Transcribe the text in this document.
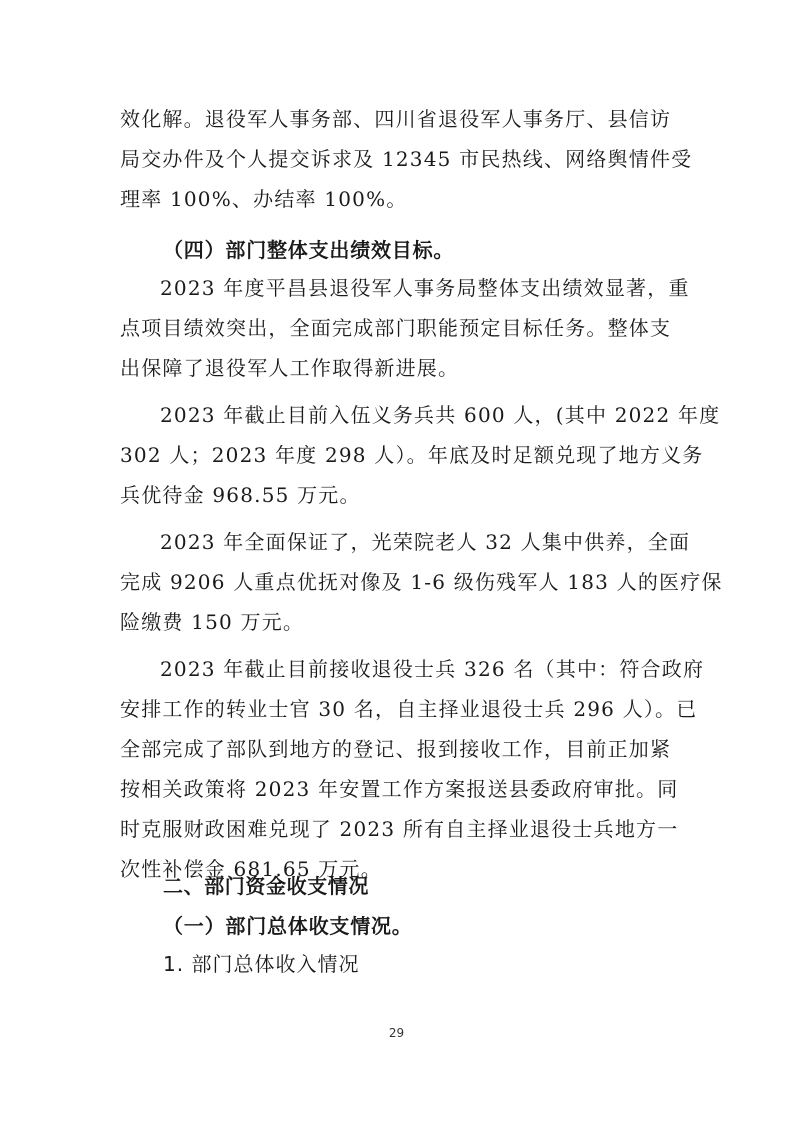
效化解。退役军人事务部、四川省退役军人事务厅、县信访
局交办件及个人提交诉求及 12345 市民热线、网络舆情件受
理率 100%、办结率 100%。
（四）部门整体支出绩效目标。
2023 年度平昌县退役军人事务局整体支出绩效显著，重
点项目绩效突出，全面完成部门职能预定目标任务。整体支
出保障了退役军人工作取得新进展。
2023 年截止目前入伍义务兵共 600 人，(其中 2022 年度
302 人；2023 年度 298 人）。年底及时足额兑现了地方义务
兵优待金 968.55 万元。
2023 年全面保证了，光荣院老人 32 人集中供养，全面
完成 9206 人重点优抚对像及 1-6 级伤残军人 183 人的医疗保
险缴费 150 万元。
2023 年截止目前接收退役士兵 326 名（其中：符合政府
安排工作的转业士官 30 名，自主择业退役士兵 296 人）。已
全部完成了部队到地方的登记、报到接收工作，目前正加紧
按相关政策将 2023 年安置工作方案报送县委政府审批。同
时克服财政困难兑现了 2023 所有自主择业退役士兵地方一
次性补偿金 681.65 万元。
二、部门资金收支情况
（一）部门总体收支情况。
1. 部门总体收入情况
29
